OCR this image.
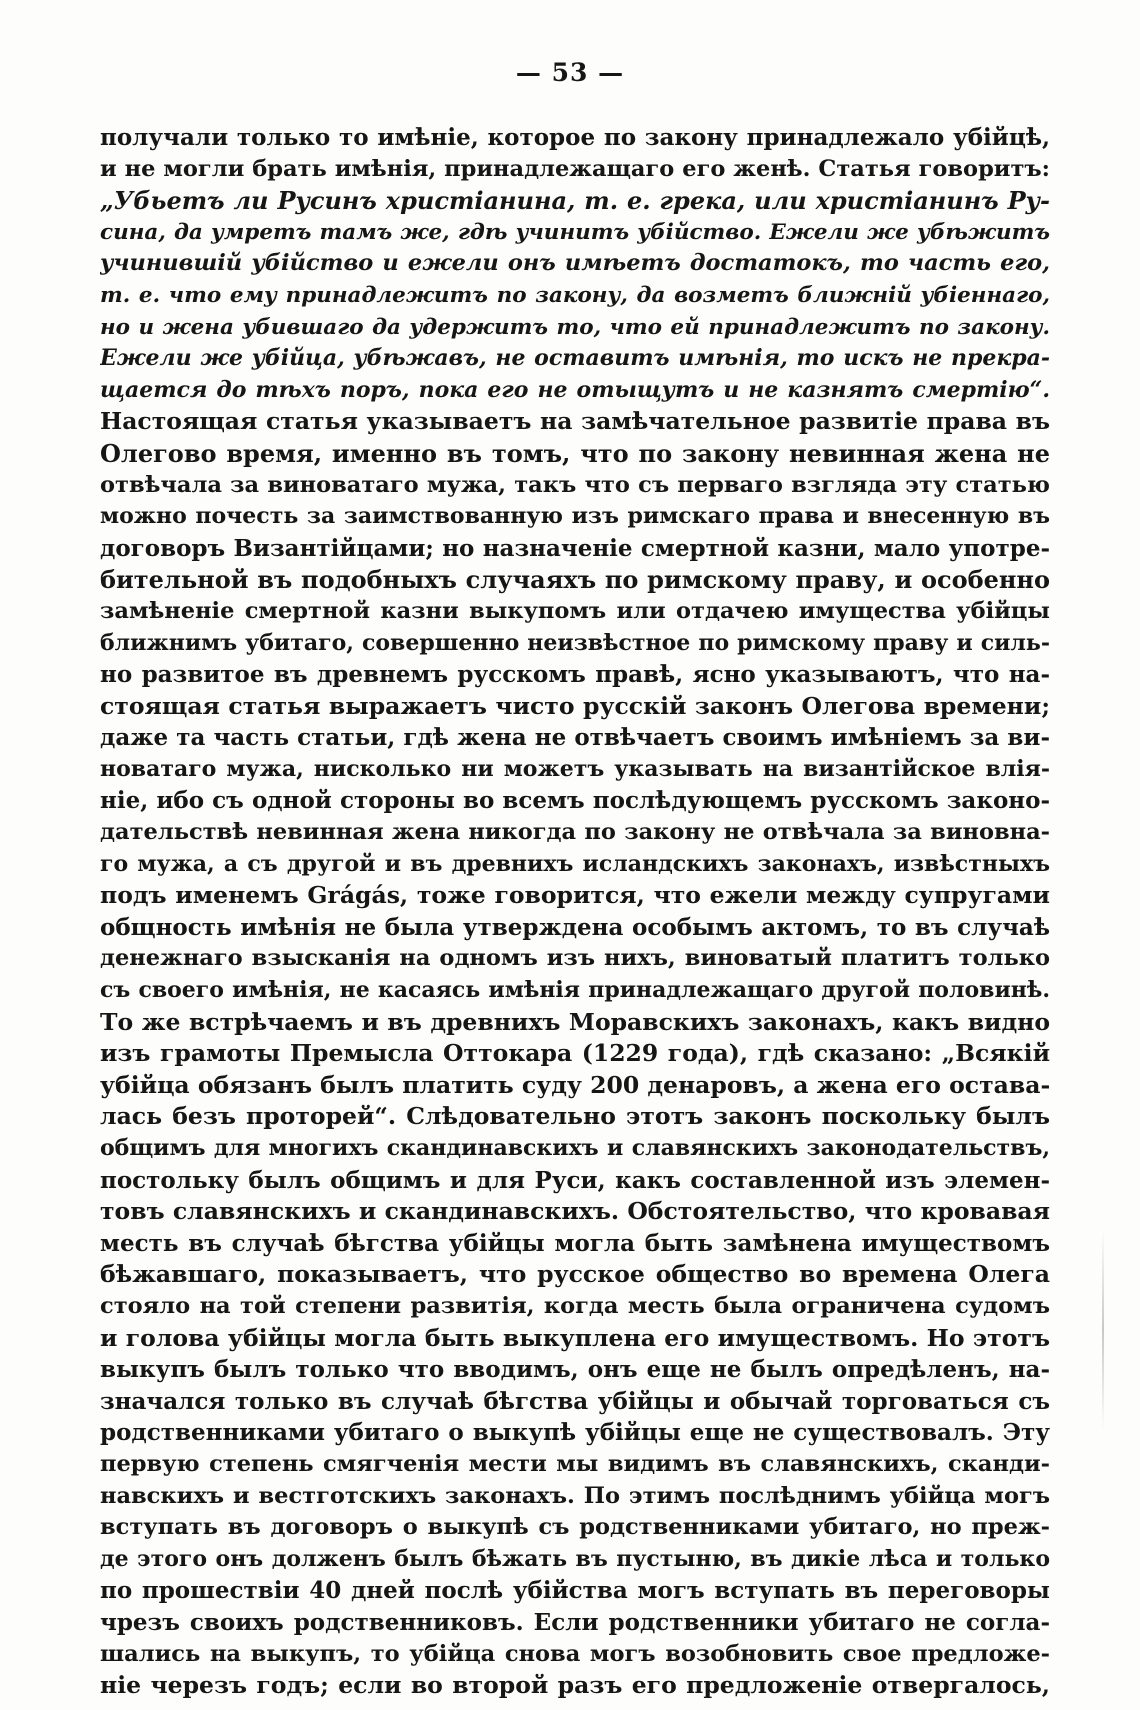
— 53 —
получали только то имѣніе, которое по закону принадлежало убійцѣ,
и не могли брать имѣнія, принадлежащаго его женѣ. Статья говоритъ:
„Убьетъ ли Русинъ христіанина, т. е. грека, или христіанинъ Ру-
сина, да умретъ тамъ же, гдѣ учинитъ убійство. Ежели же убѣжитъ
учинившій убійство и ежели онъ имѣетъ достатокъ, то часть его,
т. е. что ему принадлежитъ по закону, да возметъ ближній убіеннаго,
но и жена убившаго да удержитъ то, что ей принадлежитъ по закону.
Ежели же убійца, убѣжавъ, не оставитъ имѣнія, то искъ не прекра-
щается до тѣхъ поръ, пока его не отыщутъ и не казнятъ смертію“.
Настоящая статья указываетъ на замѣчательное развитіе права въ
Олегово время, именно въ томъ, что по закону невинная жена не
отвѣчала за виноватаго мужа, такъ что съ перваго взгляда эту статью
можно почесть за заимствованную изъ римскаго права и внесенную въ
договоръ Византійцами; но назначеніе смертной казни, мало употре-
бительной въ подобныхъ случаяхъ по римскому праву, и особенно
замѣненіе смертной казни выкупомъ или отдачею имущества убійцы
ближнимъ убитаго, совершенно неизвѣстное по римскому праву и силь-
но развитое въ древнемъ русскомъ правѣ, ясно указываютъ, что на-
стоящая статья выражаетъ чисто русскій законъ Олегова времени;
даже та часть статьи, гдѣ жена не отвѣчаетъ своимъ имѣніемъ за ви-
новатаго мужа, нисколько ни можетъ указывать на византійское влія-
ніе, ибо съ одной стороны во всемъ послѣдующемъ русскомъ законо-
дательствѣ невинная жена никогда по закону не отвѣчала за виновна-
го мужа, а съ другой и въ древнихъ исландскихъ законахъ, извѣстныхъ
подъ именемъ Grágás, тоже говорится, что ежели между супругами
общность имѣнія не была утверждена особымъ актомъ, то въ случаѣ
денежнаго взысканія на одномъ изъ нихъ, виноватый платитъ только
съ своего имѣнія, не касаясь имѣнія принадлежащаго другой половинѣ.
То же встрѣчаемъ и въ древнихъ Моравскихъ законахъ, какъ видно
изъ грамоты Премысла Оттокара (1229 года), гдѣ сказано: „Всякій
убійца обязанъ былъ платить суду 200 денаровъ, а жена его остава-
лась безъ проторей“. Слѣдовательно этотъ законъ поскольку былъ
общимъ для многихъ скандинавскихъ и славянскихъ законодательствъ,
постольку былъ общимъ и для Руси, какъ составленной изъ элемен-
товъ славянскихъ и скандинавскихъ. Обстоятельство, что кровавая
месть въ случаѣ бѣгства убійцы могла быть замѣнена имуществомъ
бѣжавшаго, показываетъ, что русское общество во времена Олега
стояло на той степени развитія, когда месть была ограничена судомъ
и голова убійцы могла быть выкуплена его имуществомъ. Но этотъ
выкупъ былъ только что вводимъ, онъ еще не былъ опредѣленъ, на-
значался только въ случаѣ бѣгства убійцы и обычай торговаться съ
родственниками убитаго о выкупѣ убійцы еще не существовалъ. Эту
первую степень смягченія мести мы видимъ въ славянскихъ, сканди-
навскихъ и вестготскихъ законахъ. По этимъ послѣднимъ убійца могъ
вступать въ договоръ о выкупѣ съ родственниками убитаго, но преж-
де этого онъ долженъ былъ бѣжать въ пустыню, въ дикіе лѣса и только
по прошествіи 40 дней послѣ убійства могъ вступать въ переговоры
чрезъ своихъ родственниковъ. Если родственники убитаго не согла-
шались на выкупъ, то убійца снова могъ возобновить свое предложе-
ніе черезъ годъ; если во второй разъ его предложеніе отвергалось,
